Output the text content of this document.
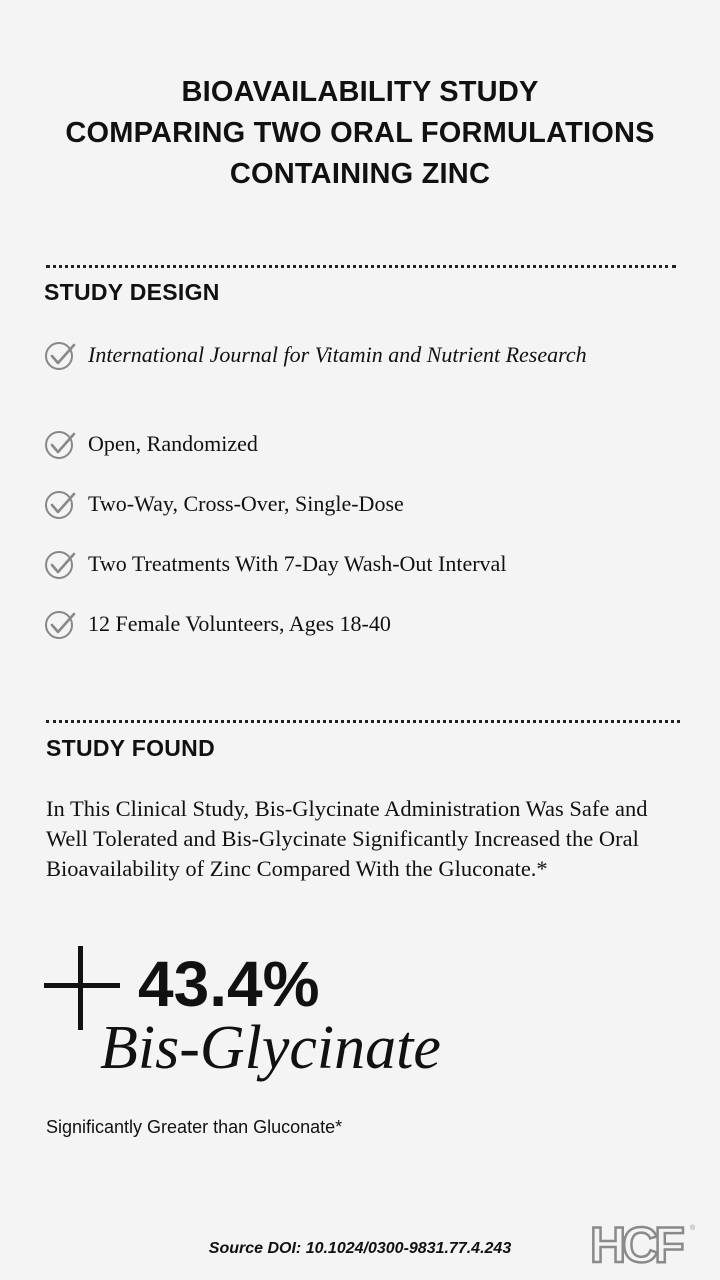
BIOAVAILABILITY STUDY
COMPARING TWO ORAL FORMULATIONS
CONTAINING ZINC
STUDY DESIGN
International Journal for Vitamin and Nutrient Research
Open, Randomized
Two-Way, Cross-Over, Single-Dose
Two Treatments With 7-Day Wash-Out Interval
12 Female Volunteers, Ages 18-40
STUDY FOUND
In This Clinical Study, Bis-Glycinate Administration Was Safe and Well Tolerated and Bis-Glycinate Significantly Increased the Oral Bioavailability of Zinc Compared With the Gluconate.*
43.4%
Bis-Glycinate
Significantly Greater than Gluconate*
Source DOI: 10.1024/0300-9831.77.4.243	HCF	®
